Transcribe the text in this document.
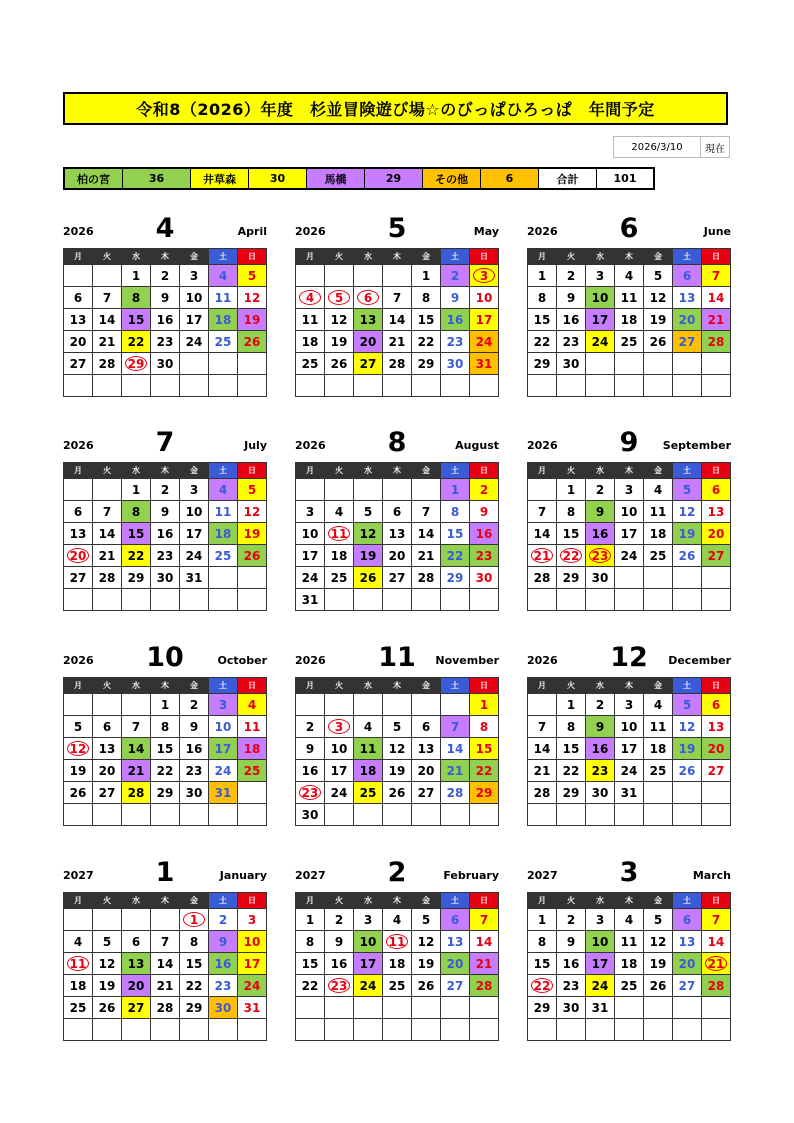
令和8（2026）年度　杉並冒険遊び場☆のびっぱひろっぱ　年間予定
2026/3/10	現在
柏の宮	36	井草森	30	馬橋	29	その他	6	合計	101
2026	4	April
月	火	水	木	金	土	日
		1	2	3	4	5
6	7	8	9	10	11	12
13	14	15	16	17	18	19
20	21	22	23	24	25	26
27	28	29	30			

2026	5	May
月	火	水	木	金	土	日
				1	2	3
4	5	6	7	8	9	10
11	12	13	14	15	16	17
18	19	20	21	22	23	24
25	26	27	28	29	30	31

2026	6	June
月	火	水	木	金	土	日
1	2	3	4	5	6	7
8	9	10	11	12	13	14
15	16	17	18	19	20	21
22	23	24	25	26	27	28
29	30					

2026	7	July
月	火	水	木	金	土	日
		1	2	3	4	5
6	7	8	9	10	11	12
13	14	15	16	17	18	19
20	21	22	23	24	25	26
27	28	29	30	31		

2026	8	August
月	火	水	木	金	土	日
					1	2
3	4	5	6	7	8	9
10	11	12	13	14	15	16
17	18	19	20	21	22	23
24	25	26	27	28	29	30
31						
2026	9	September
月	火	水	木	金	土	日
	1	2	3	4	5	6
7	8	9	10	11	12	13
14	15	16	17	18	19	20
21	22	23	24	25	26	27
28	29	30				

2026	10	October
月	火	水	木	金	土	日
			1	2	3	4
5	6	7	8	9	10	11
12	13	14	15	16	17	18
19	20	21	22	23	24	25
26	27	28	29	30	31	

2026	11	November
月	火	水	木	金	土	日
						1
2	3	4	5	6	7	8
9	10	11	12	13	14	15
16	17	18	19	20	21	22
23	24	25	26	27	28	29
30						
2026	12	December
月	火	水	木	金	土	日
	1	2	3	4	5	6
7	8	9	10	11	12	13
14	15	16	17	18	19	20
21	22	23	24	25	26	27
28	29	30	31			

2027	1	January
月	火	水	木	金	土	日
				1	2	3
4	5	6	7	8	9	10
11	12	13	14	15	16	17
18	19	20	21	22	23	24
25	26	27	28	29	30	31

2027	2	February
月	火	水	木	金	土	日
1	2	3	4	5	6	7
8	9	10	11	12	13	14
15	16	17	18	19	20	21
22	23	24	25	26	27	28

2027	3	March
月	火	水	木	金	土	日
1	2	3	4	5	6	7
8	9	10	11	12	13	14
15	16	17	18	19	20	21
22	23	24	25	26	27	28
29	30	31				
